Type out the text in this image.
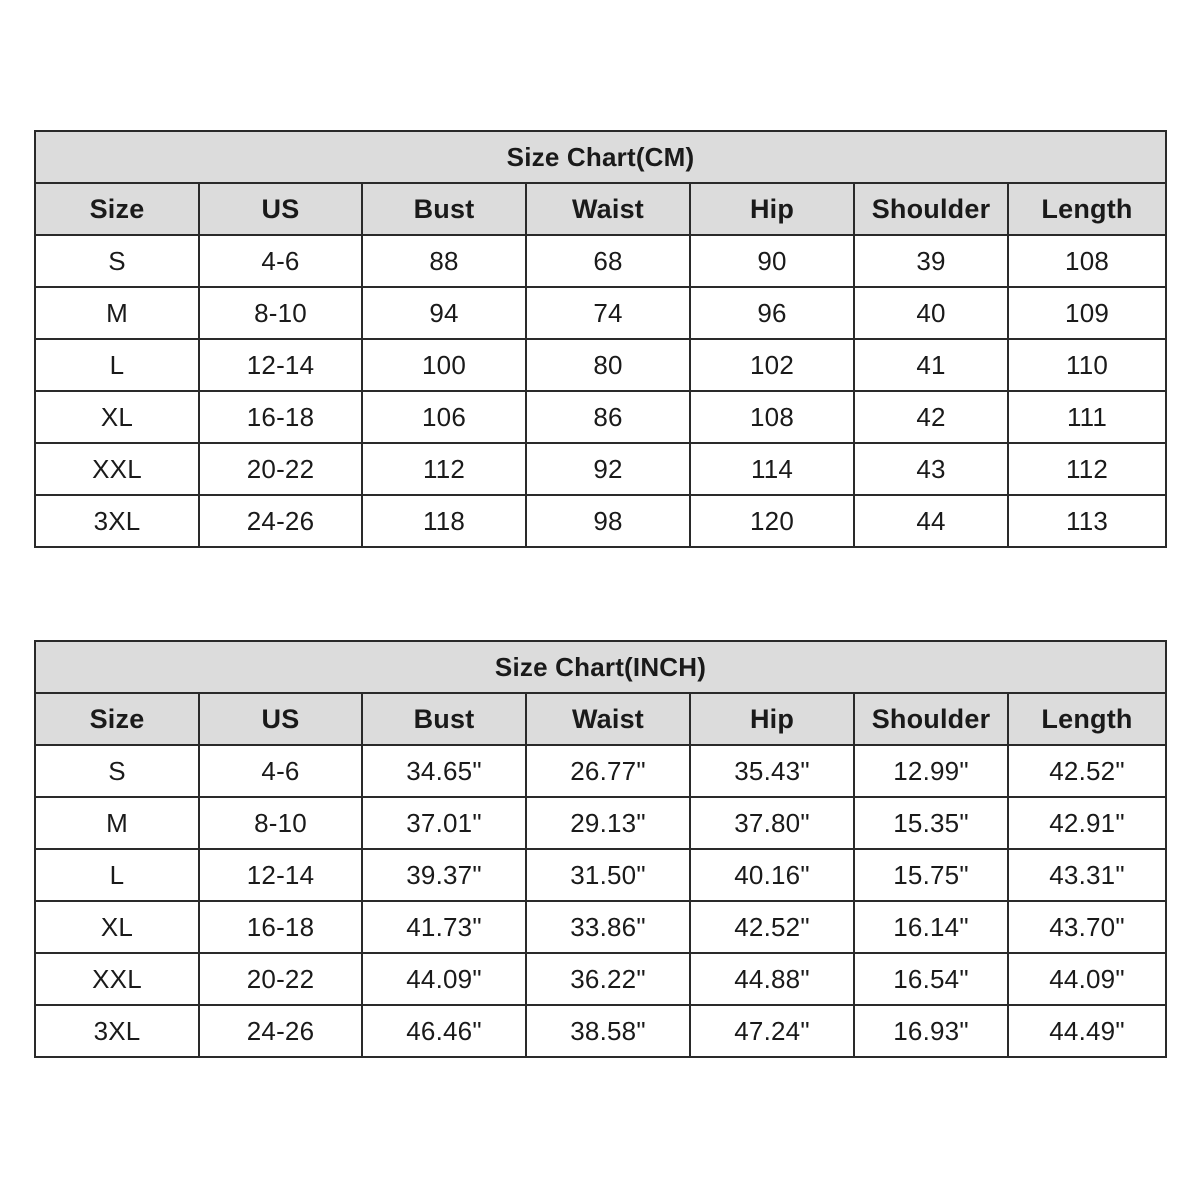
Size Chart(CM)						
Size	US	Bust	Waist	Hip	Shoulder	Length
S	4-6	88	68	90	39	108
M	8-10	94	74	96	40	109
L	12-14	100	80	102	41	110
XL	16-18	106	86	108	42	111
XXL	20-22	112	92	114	43	112
3XL	24-26	118	98	120	44	113
Size Chart(INCH)						
Size	US	Bust	Waist	Hip	Shoulder	Length
S	4-6	34.65"	26.77"	35.43"	12.99"	42.52"
M	8-10	37.01"	29.13"	37.80"	15.35"	42.91"
L	12-14	39.37"	31.50"	40.16"	15.75"	43.31"
XL	16-18	41.73"	33.86"	42.52"	16.14"	43.70"
XXL	20-22	44.09"	36.22"	44.88"	16.54"	44.09"
3XL	24-26	46.46"	38.58"	47.24"	16.93"	44.49"
